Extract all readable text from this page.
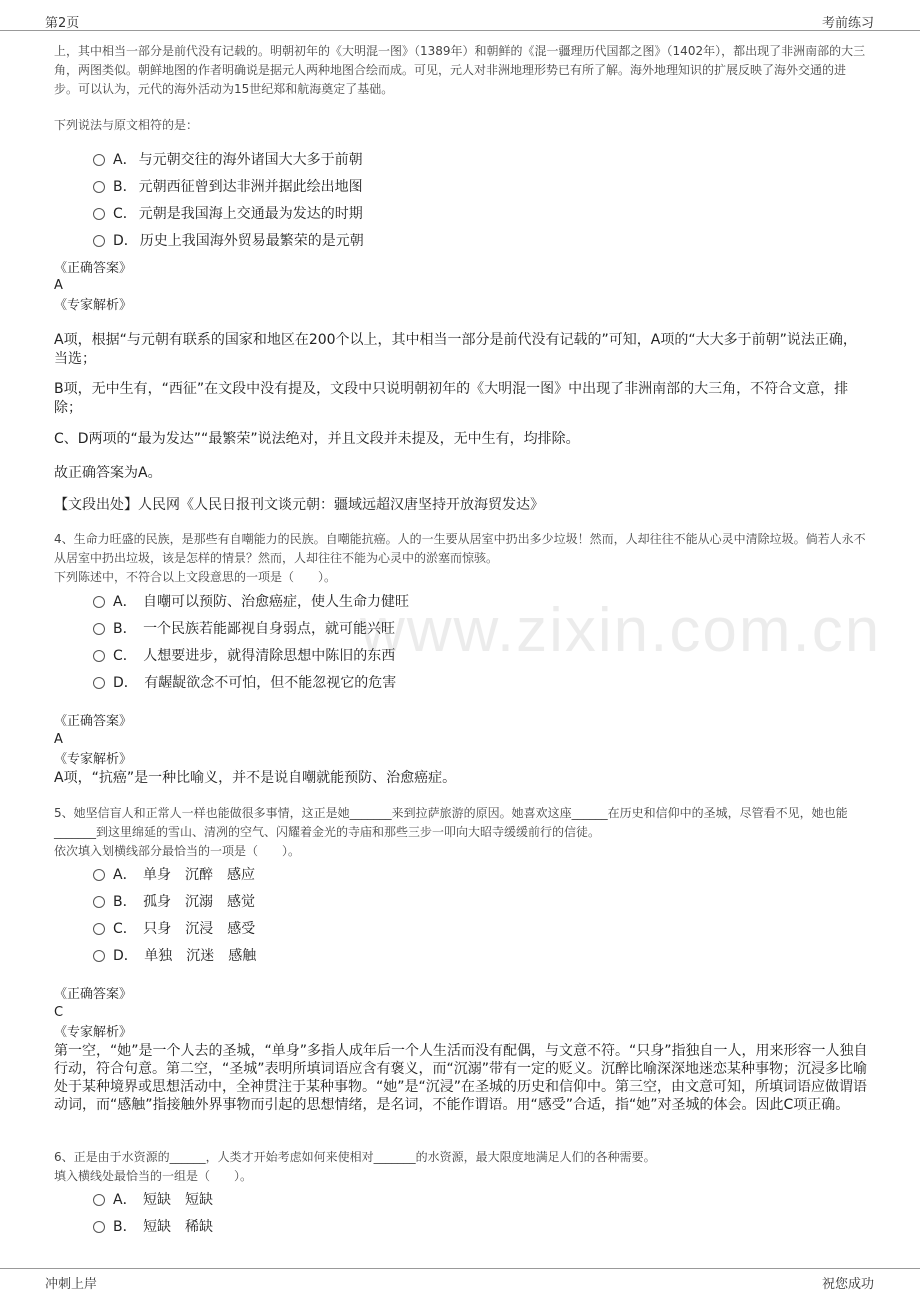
第2页	考前练习
www.zixin.com.cn
上，其中相当一部分是前代没有记载的。明朝初年的《大明混一图》（1389年）和朝鲜的《混一疆理历代国都之图》（1402年），都出现了非洲南部的大三角，两图类似。朝鲜地图的作者明确说是据元人两种地图合绘而成。可见，元人对非洲地理形势已有所了解。海外地理知识的扩展反映了海外交通的进步。可以认为，元代的海外活动为15世纪郑和航海奠定了基础。
下列说法与原文相符的是：
A． 与元朝交往的海外诸国大大多于前朝
B． 元朝西征曾到达非洲并据此绘出地图
C． 元朝是我国海上交通最为发达的时期
D． 历史上我国海外贸易最繁荣的是元朝
《正确答案》
A
《专家解析》
A项，根据“与元朝有联系的国家和地区在200个以上，其中相当一部分是前代没有记载的”可知，A项的“大大多于前朝”说法正确，当选；
B项，无中生有，“西征”在文段中没有提及，文段中只说明朝初年的《大明混一图》中出现了非洲南部的大三角，不符合文意，排除；
C、D两项的“最为发达”“最繁荣”说法绝对，并且文段并未提及，无中生有，均排除。
故正确答案为A。
【文段出处】人民网《人民日报刊文谈元朝：疆域远超汉唐坚持开放海贸发达》
4、生命力旺盛的民族，是那些有自嘲能力的民族。自嘲能抗癌。人的一生要从居室中扔出多少垃圾！然而，人却往往不能从心灵中清除垃圾。倘若人永不从居室中扔出垃圾，该是怎样的情景？然而，人却往往不能为心灵中的淤塞而惊骇。
下列陈述中，不符合以上文段意思的一项是（　　）。
A． 自嘲可以预防、治愈癌症，使人生命力健旺
B． 一个民族若能鄙视自身弱点，就可能兴旺
C． 人想要进步，就得清除思想中陈旧的东西
D． 有龌龊欲念不可怕，但不能忽视它的危害
《正确答案》
A
《专家解析》
A项，“抗癌”是一种比喻义，并不是说自嘲就能预防、治愈癌症。
5、她坚信盲人和正常人一样也能做很多事情，这正是她_______来到拉萨旅游的原因。她喜欢这座______在历史和信仰中的圣城，尽管看不见，她也能_______到这里绵延的雪山、清冽的空气、闪耀着金光的寺庙和那些三步一叩向大昭寺缓缓前行的信徒。
依次填入划横线部分最恰当的一项是（　　）。
A． 单身　沉醉　感应
B． 孤身　沉溺　感觉
C． 只身　沉浸　感受
D． 单独　沉迷　感触
《正确答案》
C
《专家解析》
第一空，“她”是一个人去的圣城，“单身”多指人成年后一个人生活而没有配偶，与文意不符。“只身”指独自一人，用来形容一人独自行动，符合句意。第二空，“圣城”表明所填词语应含有褒义，而“沉溺”带有一定的贬义。沉醉比喻深深地迷恋某种事物；沉浸多比喻处于某种境界或思想活动中，全神贯注于某种事物。“她”是“沉浸”在圣城的历史和信仰中。第三空，由文意可知，所填词语应做谓语动词，而“感触”指接触外界事物而引起的思想情绪，是名词，不能作谓语。用“感受”合适，指“她”对圣城的体会。因此C项正确。
6、正是由于水资源的______，人类才开始考虑如何来使相对_______的水资源，最大限度地满足人们的各种需要。
填入横线处最恰当的一组是（　　）。
A． 短缺　短缺
B． 短缺　稀缺
冲刺上岸	祝您成功
